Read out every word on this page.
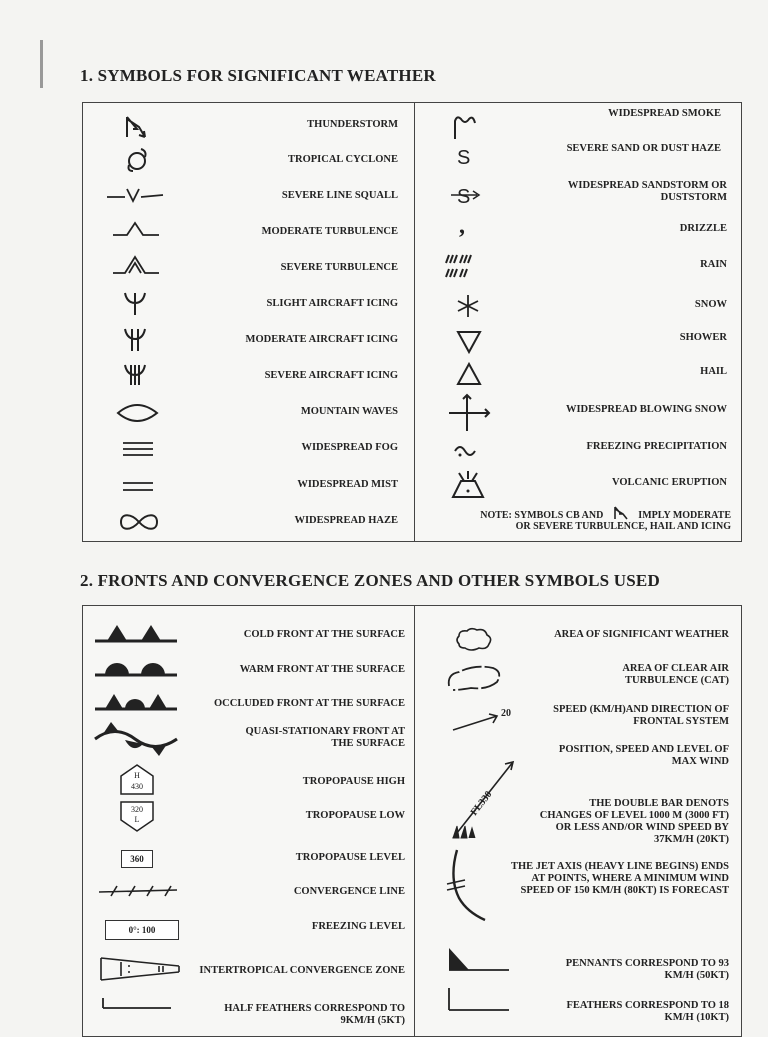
1. SYMBOLS FOR SIGNIFICANT WEATHER
THUNDERSTORM
TROPICAL CYCLONE
SEVERE LINE SQUALL
MODERATE TURBULENCE
SEVERE TURBULENCE
SLIGHT AIRCRAFT ICING
MODERATE AIRCRAFT ICING
SEVERE AIRCRAFT ICING
MOUNTAIN WAVES
WIDESPREAD FOG
WIDESPREAD MIST
WIDESPREAD HAZE
WIDESPREAD SMOKE
SEVERE SAND OR DUST HAZE
WIDESPREAD SANDSTORM OR DUSTSTORM
DRIZZLE
RAIN
SNOW
SHOWER
HAIL
WIDESPREAD BLOWING SNOW
FREEZING PRECIPITATION
VOLCANIC ERUPTION
S
S
,
NOTE: SYMBOLS CB AND	IMPLY MODERATE
OR SEVERE TURBULENCE, HAIL AND ICING
2. FRONTS AND CONVERGENCE ZONES AND OTHER SYMBOLS USED
COLD FRONT AT THE SURFACE
WARM FRONT AT THE SURFACE
OCCLUDED FRONT AT THE SURFACE
QUASI-STATIONARY FRONT AT THE SURFACE
TROPOPAUSE HIGH
TROPOPAUSE LOW
TROPOPAUSE LEVEL
CONVERGENCE LINE
FREEZING LEVEL
INTERTROPICAL CONVERGENCE ZONE
HALF FEATHERS CORRESPOND TO 9KM/H (5KT)
H
430
320
L
360
0°: 100
AREA OF SIGNIFICANT WEATHER
AREA OF CLEAR AIR TURBULENCE (CAT)
SPEED (KM/H)AND DIRECTION OF FRONTAL SYSTEM
POSITION, SPEED AND LEVEL OF MAX WIND
THE DOUBLE BAR DENOTS CHANGES OF LEVEL 1000 M (3000 FT) OR LESS AND/OR WIND SPEED BY 37KM/H (20KT)
THE JET AXIS (HEAVY LINE BEGINS) ENDS AT POINTS, WHERE A MINIMUM WIND SPEED OF 150 KM/H (80KT) IS FORECAST
PENNANTS CORRESPOND TO 93 KM/H (50KT)
FEATHERS CORRESPOND TO 18 KM/H (10KT)
20
FL330
